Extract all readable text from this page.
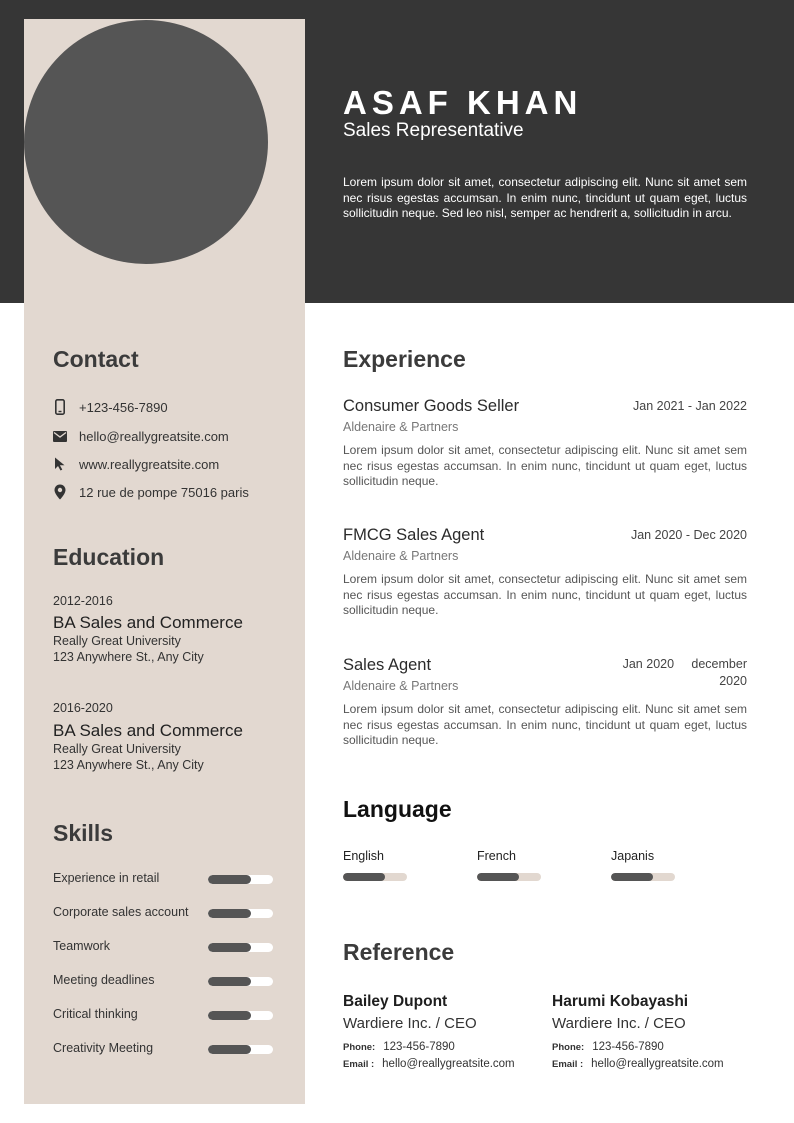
ASAF KHAN
Sales Representative
Lorem ipsum dolor sit amet, consectetur adipiscing elit. Nunc sit amet sem nec risus egestas accumsan. In enim nunc, tincidunt ut quam eget, luctus sollicitudin neque. Sed leo nisl, semper ac hendrerit a, sollicitudin in arcu.
Contact
+123-456-7890
hello@reallygreatsite.com
www.reallygreatsite.com
12 rue de pompe 75016 paris
Education
2012-2016
BA Sales and Commerce
Really Great University
123 Anywhere St., Any City
2016-2020
BA Sales and Commerce
Really Great University
123 Anywhere St., Any City
Skills
Experience in retail
Corporate sales account
Teamwork
Meeting deadlines
Critical thinking
Creativity Meeting
Experience
Consumer Goods Seller	Jan 2021 - Jan 2022
Aldenaire & Partners
Lorem ipsum dolor sit amet, consectetur adipiscing elit. Nunc sit amet sem nec risus egestas accumsan. In enim nunc, tincidunt ut quam eget, luctus sollicitudin neque.
FMCG Sales Agent	Jan 2020 - Dec 2020
Aldenaire & Partners
Lorem ipsum dolor sit amet, consectetur adipiscing elit. Nunc sit amet sem nec risus egestas accumsan. In enim nunc, tincidunt ut quam eget, luctus sollicitudin neque.
Sales Agent	Jan 2020     december
2020
Aldenaire & Partners
Lorem ipsum dolor sit amet, consectetur adipiscing elit. Nunc sit amet sem nec risus egestas accumsan. In enim nunc, tincidunt ut quam eget, luctus sollicitudin neque.
Language
English	French	Japanis
Reference
Bailey Dupont
Wardiere Inc. / CEO
Phone: 123-456-7890
Email : hello@reallygreatsite.com
Harumi Kobayashi
Wardiere Inc. / CEO
Phone: 123-456-7890
Email : hello@reallygreatsite.com
